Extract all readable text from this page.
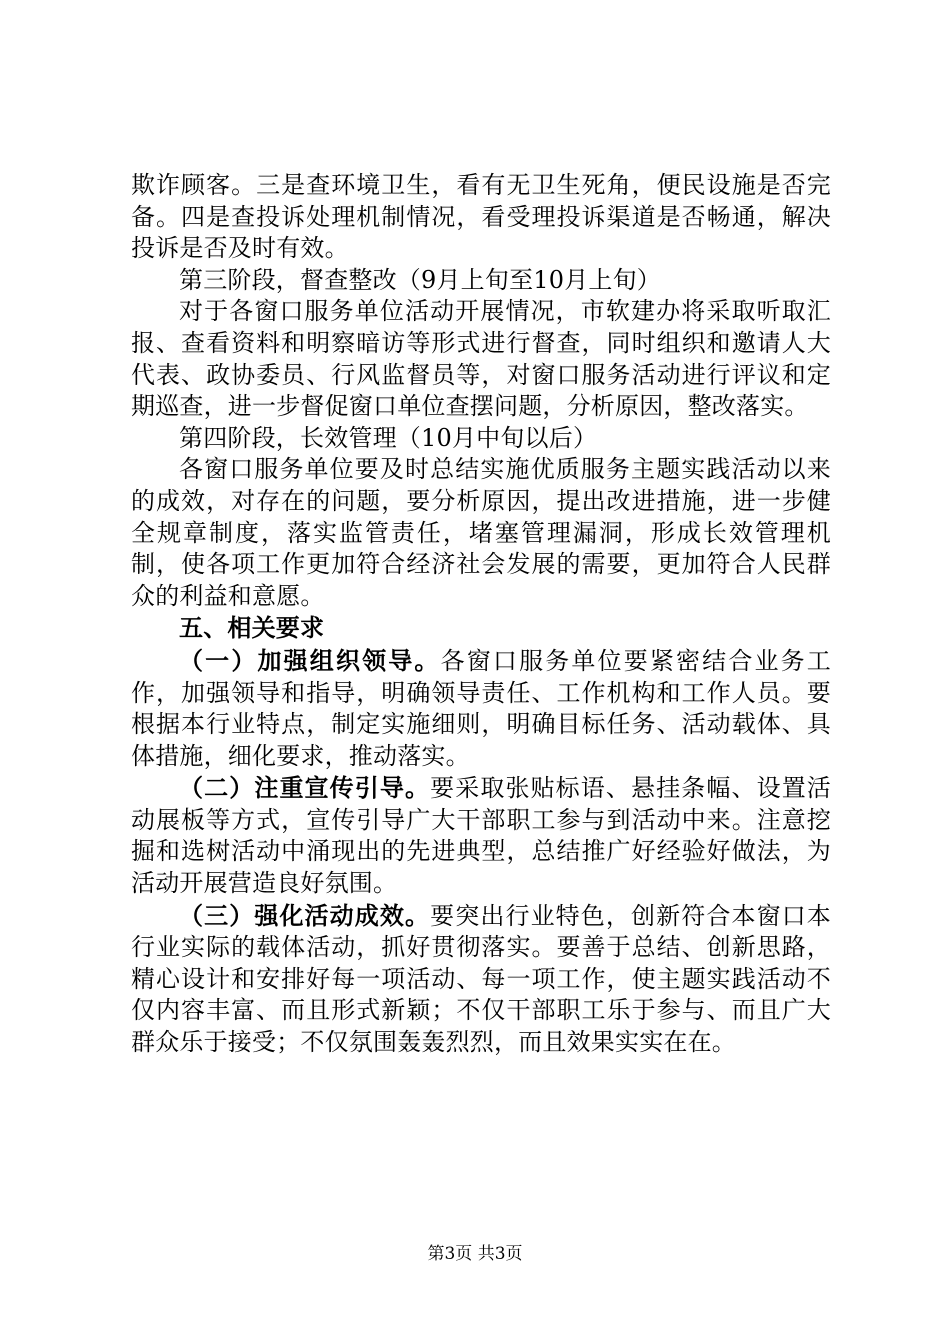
欺诈顾客。三是查环境卫生，看有无卫生死角，便民设施是否完备。四是查投诉处理机制情况，看受理投诉渠道是否畅通，解决投诉是否及时有效。

第三阶段，督查整改（9月上旬至10月上旬）

对于各窗口服务单位活动开展情况，市软建办将采取听取汇报、查看资料和明察暗访等形式进行督查，同时组织和邀请人大代表、政协委员、行风监督员等，对窗口服务活动进行评议和定期巡查，进一步督促窗口单位查摆问题，分析原因，整改落实。

第四阶段，长效管理（10月中旬以后）

各窗口服务单位要及时总结实施优质服务主题实践活动以来的成效，对存在的问题，要分析原因，提出改进措施，进一步健全规章制度，落实监管责任，堵塞管理漏洞，形成长效管理机制，使各项工作更加符合经济社会发展的需要，更加符合人民群众的利益和意愿。

五、相关要求

（一）加强组织领导。各窗口服务单位要紧密结合业务工作，加强领导和指导，明确领导责任、工作机构和工作人员。要根据本行业特点，制定实施细则，明确目标任务、活动载体、具体措施，细化要求，推动落实。

（二）注重宣传引导。要采取张贴标语、悬挂条幅、设置活动展板等方式，宣传引导广大干部职工参与到活动中来。注意挖掘和选树活动中涌现出的先进典型，总结推广好经验好做法，为活动开展营造良好氛围。

（三）强化活动成效。要突出行业特色，创新符合本窗口本行业实际的载体活动，抓好贯彻落实。要善于总结、创新思路，精心设计和安排好每一项活动、每一项工作，使主题实践活动不仅内容丰富、而且形式新颖；不仅干部职工乐于参与、而且广大群众乐于接受；不仅氛围轰轰烈烈，而且效果实实在在。

第3页 共3页
